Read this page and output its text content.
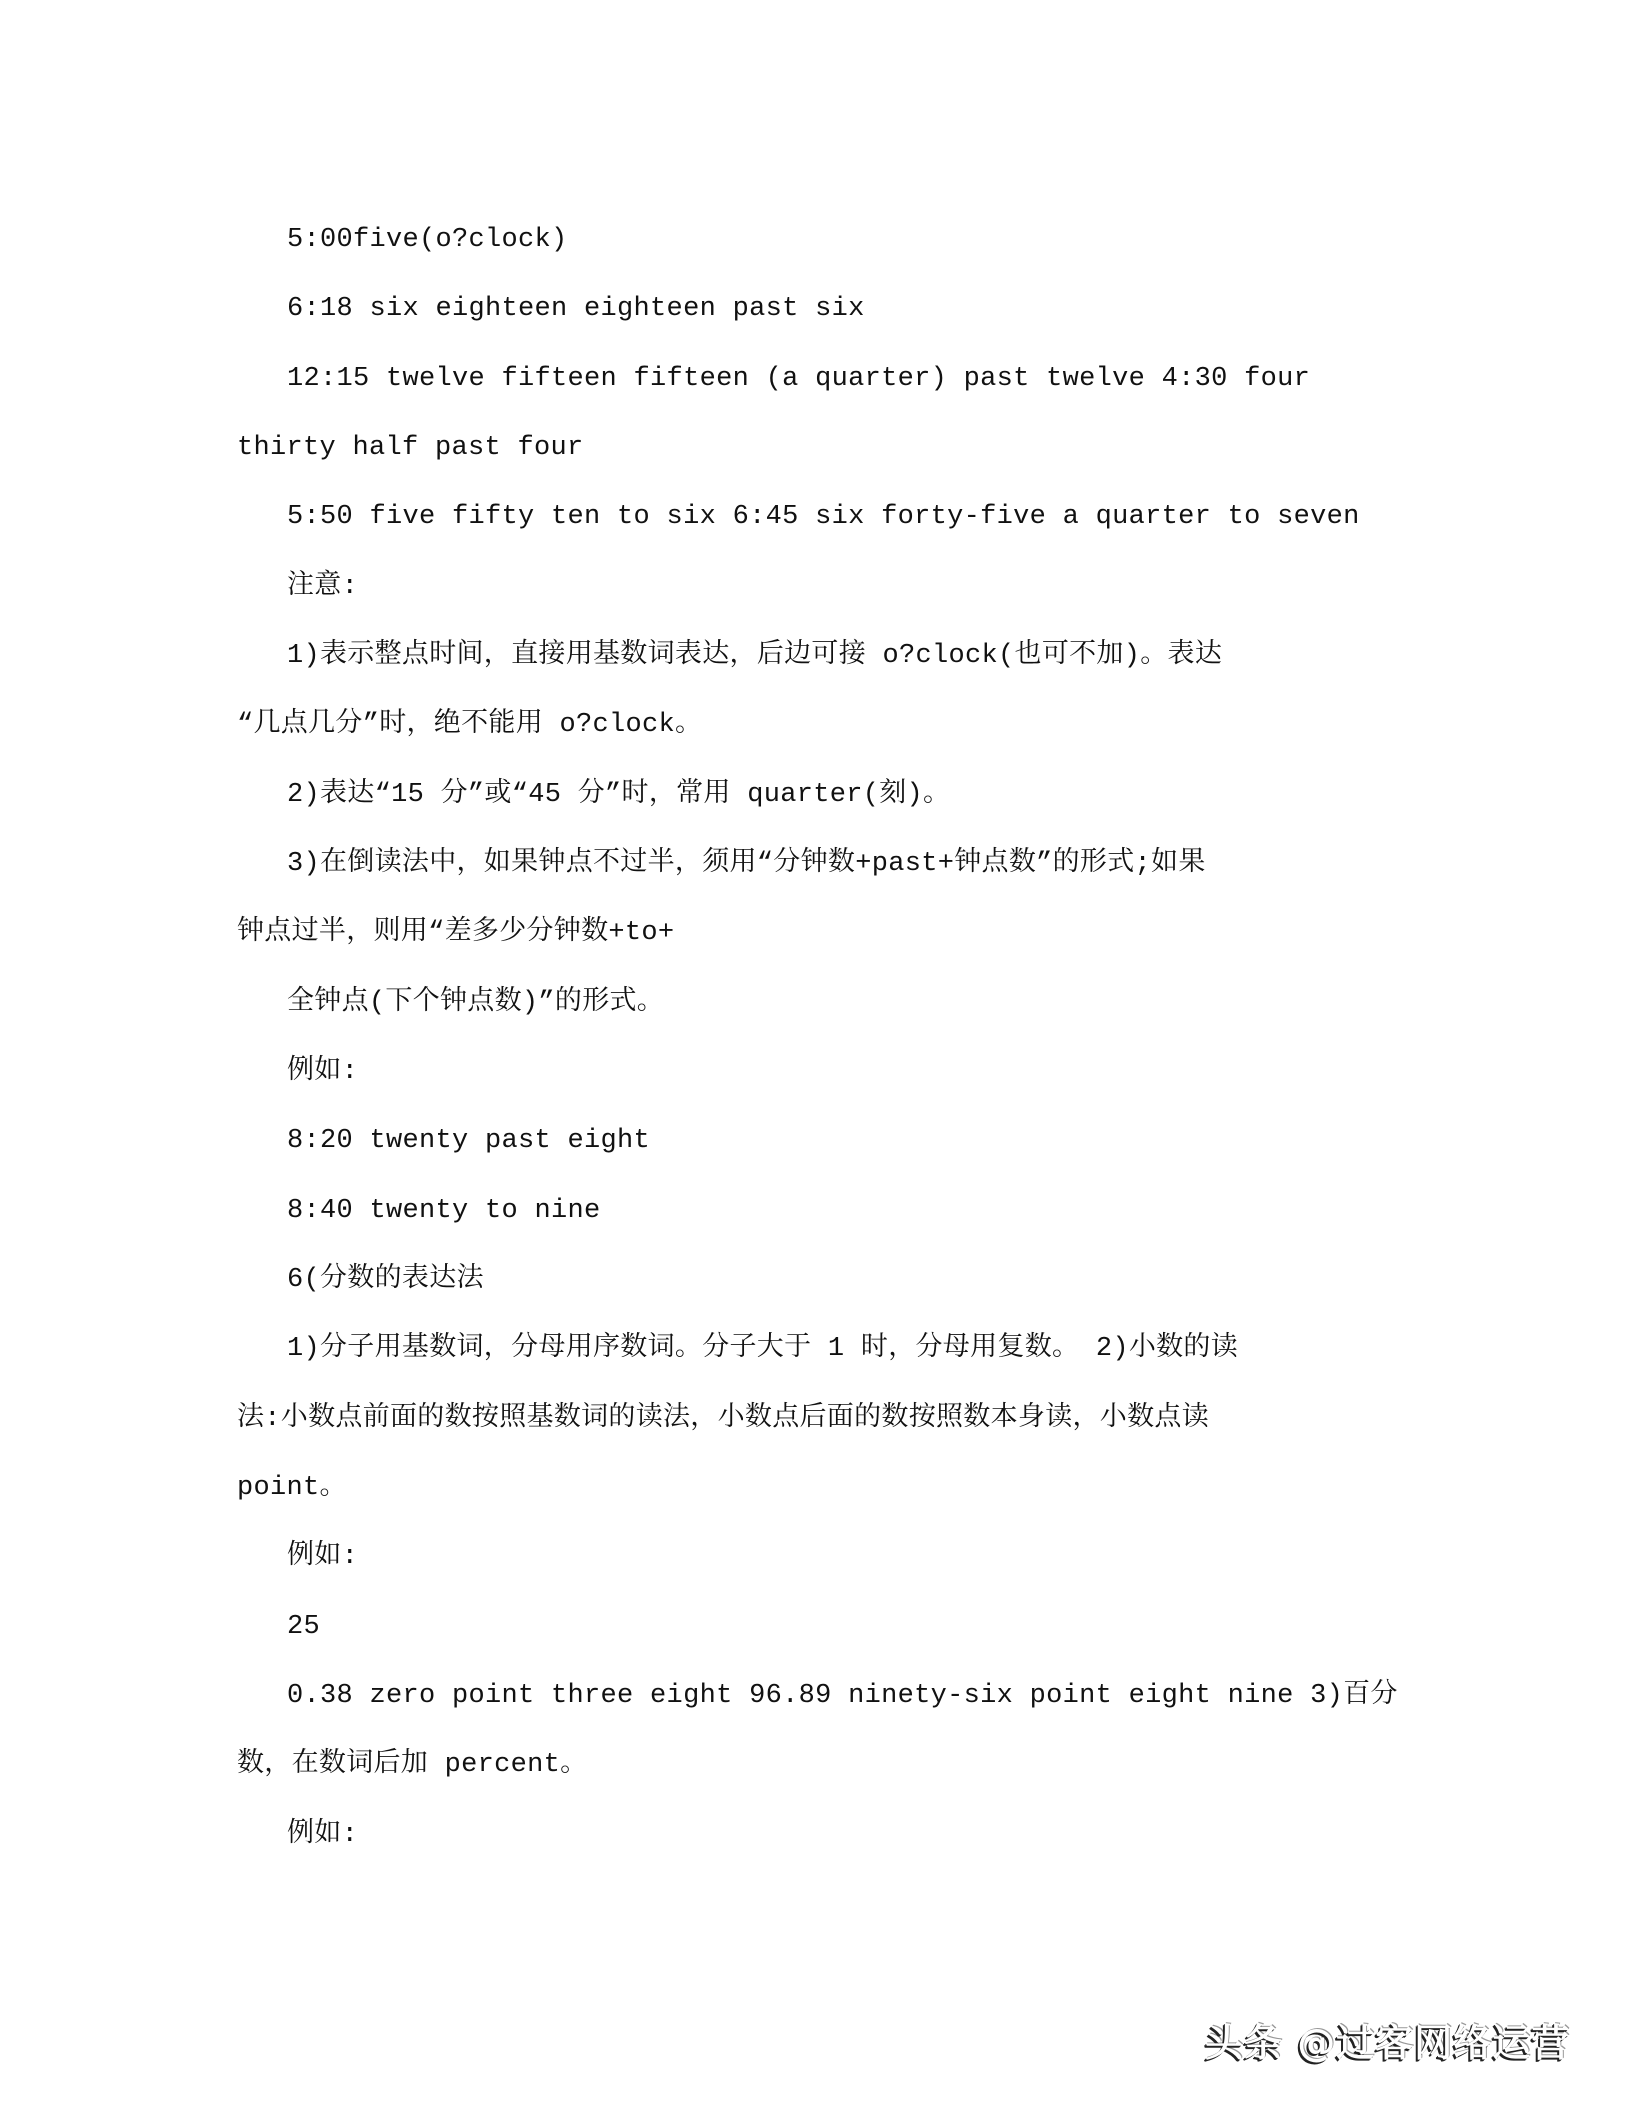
5:00five(o?clock)
6:18 six eighteen eighteen past six
12:15 twelve fifteen fifteen (a quarter) past twelve 4:30 four
thirty half past four
5:50 five fifty ten to six 6:45 six forty-five a quarter to seven
注意:
1)表示整点时间，直接用基数词表达，后边可接 o?clock(也可不加)。表达
“几点几分”时，绝不能用 o?clock。
2)表达“15 分”或“45 分”时，常用 quarter(刻)。
3)在倒读法中，如果钟点不过半，须用“分钟数+past+钟点数”的形式;如果
钟点过半，则用“差多少分钟数+to+
全钟点(下个钟点数)”的形式。
例如:
8:20 twenty past eight
8:40 twenty to nine
6(分数的表达法
1)分子用基数词，分母用序数词。分子大于 1 时，分母用复数。 2)小数的读
法:小数点前面的数按照基数词的读法，小数点后面的数按照数本身读，小数点读
point。
例如:
25
0.38 zero point three eight 96.89 ninety-six point eight nine 3)百分
数，在数词后加 percent。
例如:
头条 @过客网络运营
